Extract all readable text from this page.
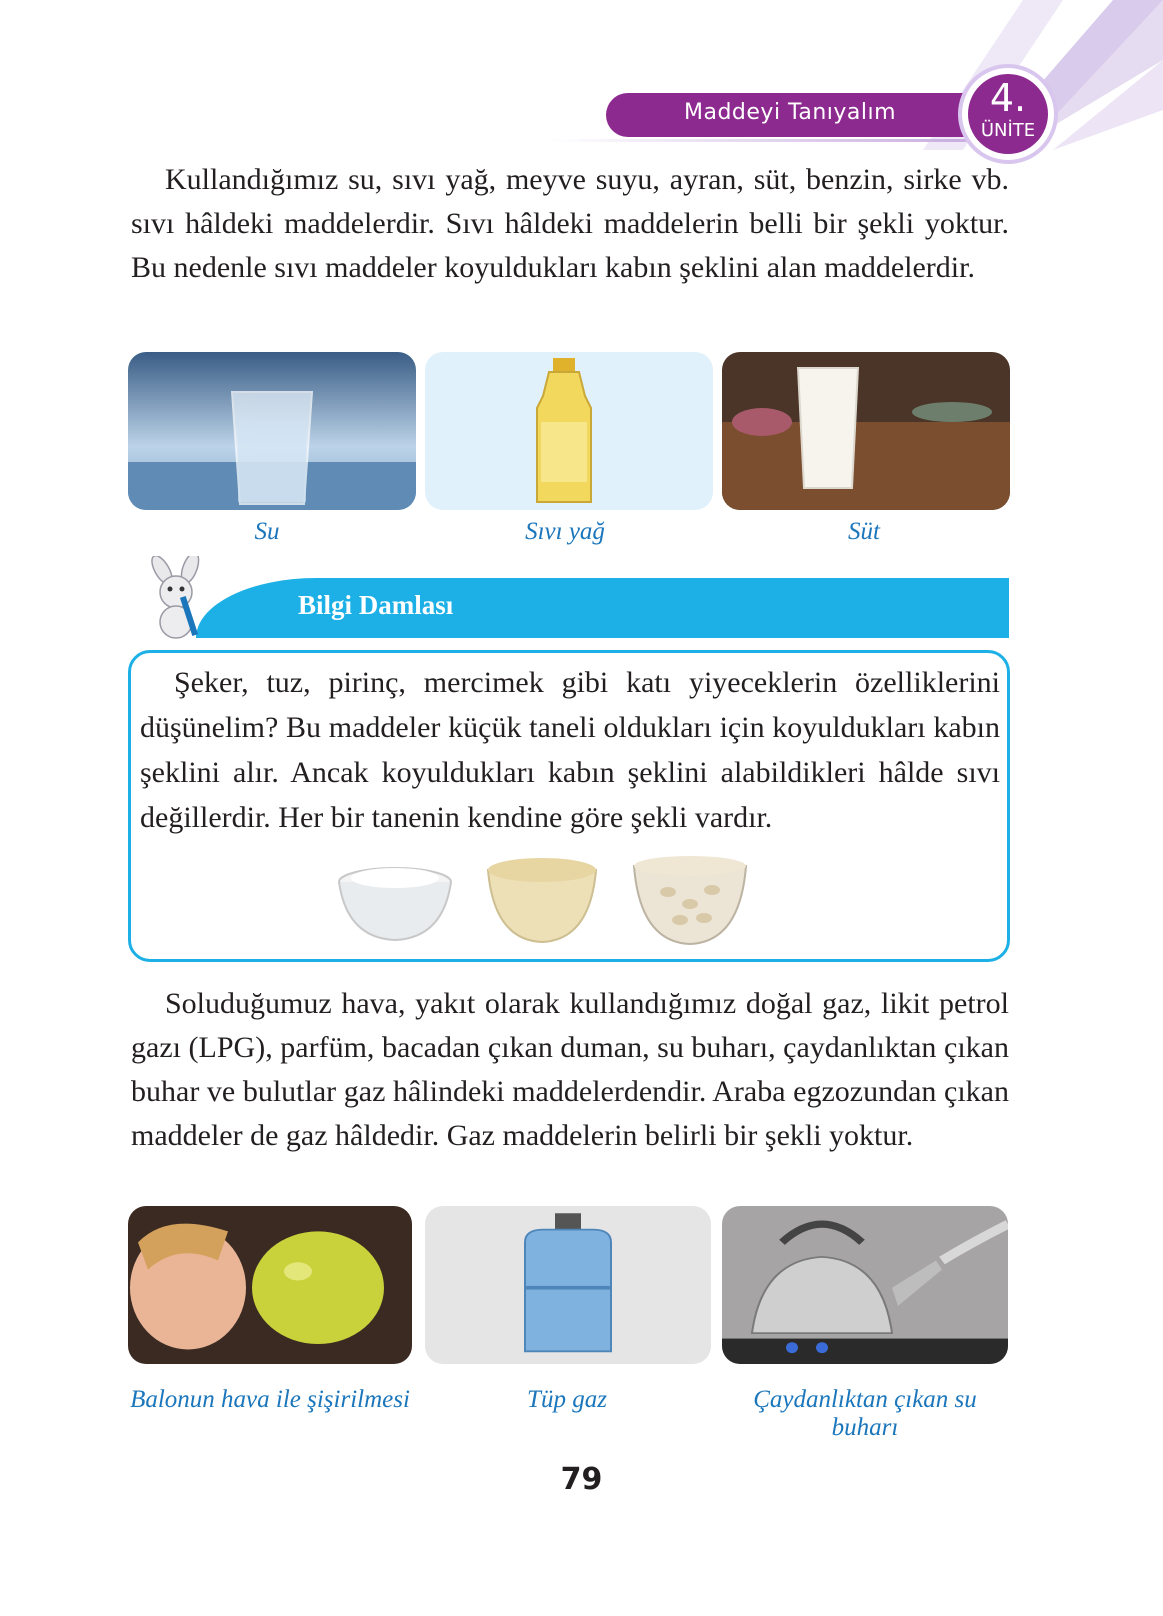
Maddeyi Tanıyalım	4.
ÜNİTE

Kullandığımız su, sıvı yağ, meyve suyu, ayran, süt, benzin, sirke vb. sıvı hâldeki maddelerdir. Sıvı hâldeki maddelerin belli bir şekli yoktur. Bu nedenle sıvı maddeler koyuldukları kabın şeklini alan maddelerdir.

Su	Sıvı yağ	Süt
Bilgi Damlası

Şeker, tuz, pirinç, mercimek gibi katı yiyeceklerin özelliklerini düşünelim? Bu maddeler küçük taneli oldukları için koyuldukları kabın şeklini alır. Ancak koyuldukları kabın şeklini alabildikleri hâlde sıvı değillerdir. Her bir tanenin kendine göre şekli vardır.

Soluduğumuz hava, yakıt olarak kullandığımız doğal gaz, likit petrol gazı (LPG), parfüm, bacadan çıkan duman, su buharı, çaydanlıktan çıkan buhar ve bulutlar gaz hâlindeki maddelerdendir. Araba egzozundan çıkan maddeler de gaz hâldedir. Gaz maddelerin belirli bir şekli yoktur.

Balonun hava ile şişirilmesi	Tüp gaz	Çaydanlıktan çıkan su buharı
79
